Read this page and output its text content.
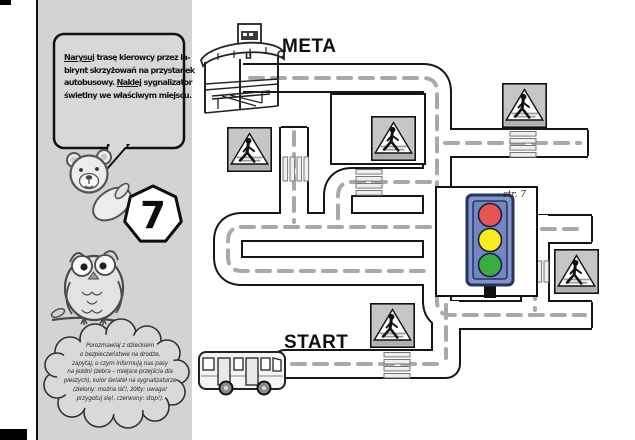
Narysuj trasę kierowcy przez la-
birynt skrzyżowań na przystanek
autobusowy. Naklej sygnalizator
świetlny we właściwym miejscu.
7
Porozmawiaj z dzieckiem
o bezpieczeństwie na drodze,
zapytaj, o czym informują nas pasy
na jezdni (zebra – miejsce przejścia dla
pieszych), kolor świateł na sygnalizatorze
(zielony: można iść!, żółty: uwaga!
przygotuj się!, czerwony: stop!).
META
START
str. 7
